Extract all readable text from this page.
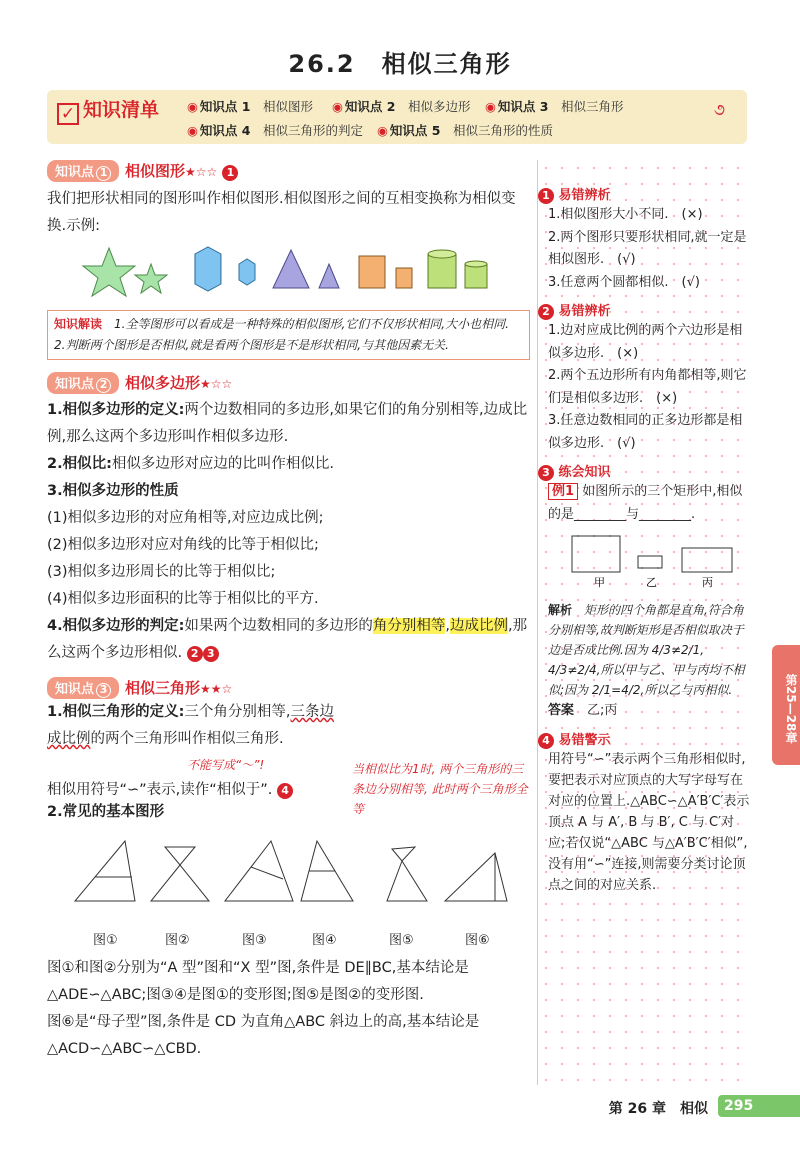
26.2　相似三角形
✓ 知识清单 ◉ 知识点 1　 相似图形 ◉ 知识点 2　 相似多边形 ◉ 知识点 3　 相似三角形
◉ 知识点 4　 相似三角形的判定 ◉ 知识点 5　 相似三角形的性质
૭
知识点 1 相似图形★☆☆ 1
我们把形状相同的图形叫作相似图形.相似图形之间的互相变换称为相似变换.示例:
知识解读　 1.全等图形可以看成是一种特殊的相似图形,它们不仅形状相同,大小也相同.
2.判断两个图形是否相似,就是看两个图形是不是形状相同,与其他因素无关.
知识点 2 相似多边形★☆☆
1.相似多边形的定义:两个边数相同的多边形,如果它们的角分别相等,边成比例,那么这两个多边形叫作相似多边形.
2.相似比:相似多边形对应边的比叫作相似比.
3.相似多边形的性质
(1)相似多边形的对应角相等,对应边成比例;
(2)相似多边形对应对角线的比等于相似比;
(3)相似多边形周长的比等于相似比;
(4)相似多边形面积的比等于相似比的平方.
4.相似多边形的判定:如果两个边数相同的多边形的角分别相等,边成比例,那么这两个多边形相似. 2 3
知识点 3 相似三角形★★☆
1.相似三角形的定义:三个角分别相等,三条边成比例的两个三角形叫作相似三角形.
不能写成“～”!
相似用符号“∽”表示,读作“相似于”. 4
当相似比为1时, 两个三角形的三条边分别相等, 此时两个三角形全等
2.常见的基本图形
图①	图②	图③	图④	图⑤	图⑥
图①和图②分别为“A 型”图和“X 型”图,条件是 DE∥BC,基本结论是△ADE∽△ABC;图③④是图①的变形图;图⑤是图②的变形图.
图⑥是“母子型”图,条件是 CD 为直角△ABC 斜边上的高,基本结论是△ACD∽△ABC∽△CBD.
1 易错辨析
1.相似图形大小不同.　(×)
2.两个图形只要形状相同,就一定是相似图形.　(√)
3.任意两个圆都相似.　(√)
2 易错辨析
1.边对应成比例的两个六边形是相似多边形.　(×)
2.两个五边形所有内角都相等,则它们是相似多边形.　(×)
3.任意边数相同的正多边形都是相似多边形.　(√)
3 练会知识
例1 如图所示的三个矩形中,相似的是________与________.
甲	乙	丙
解析　 矩形的四个角都是直角,符合角分别相等,故判断矩形是否相似取决于边是否成比例.因为 4/3≠2/1, 4/3≠2/4,所以甲与乙、甲与丙均不相似;因为 2/1=4/2,所以乙与丙相似.
答案　 乙;丙
4 易错警示
用符号“∽”表示两个三角形相似时,要把表示对应顶点的大写字母写在对应的位置上.△ABC∽△A′B′C′表示顶点 A 与 A′, B 与 B′, C 与 C′对应;若仅说“△ABC 与△A′B′C′相似”,没有用“∽”连接,则需要分类讨论顶点之间的对应关系.
第25—28章
第 26 章　相似	295
